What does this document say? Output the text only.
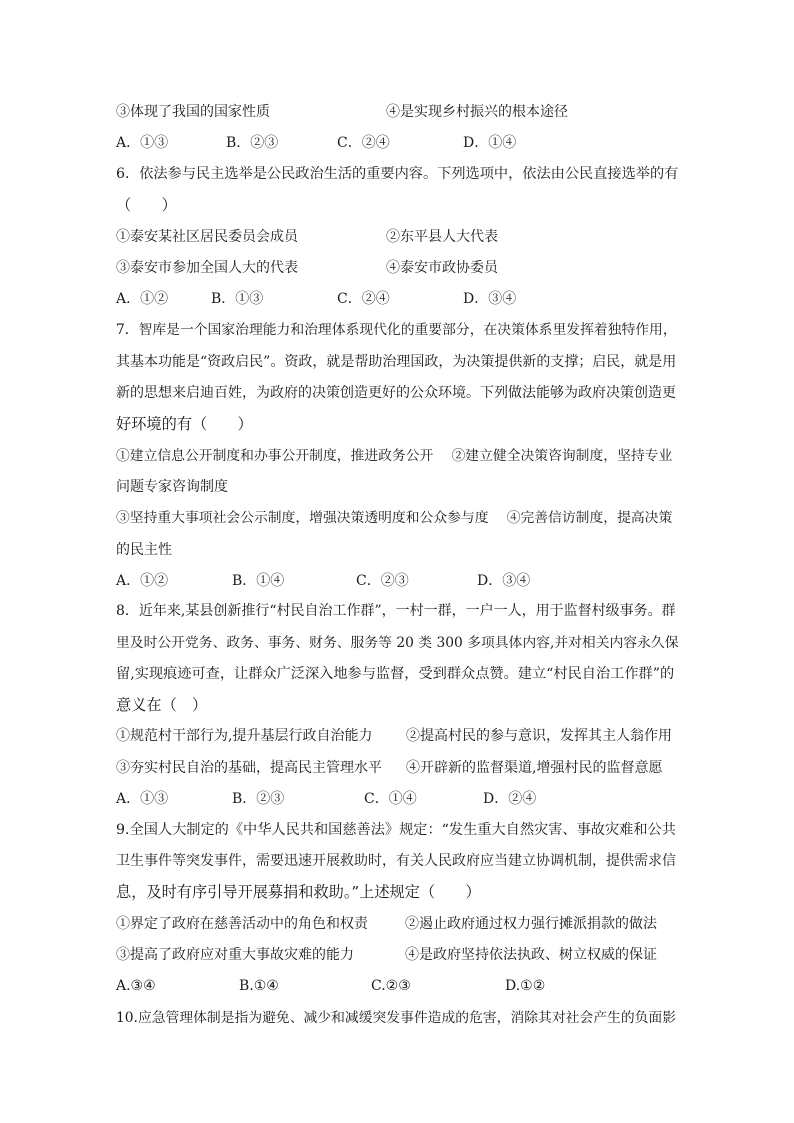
③体现了我国的国家性质	④是实现乡村振兴的根本途径
A．①③	B．②③	C．②④	D．①④
6．依法参与民主选举是公民政治生活的重要内容。下列选项中，依法由公民直接选举的有
（　　）
①泰安某社区居民委员会成员	②东平县人大代表
③泰安市参加全国人大的代表	④泰安市政协委员
A．①②	B．①③	C．②④	D．③④
7．智库是一个国家治理能力和治理体系现代化的重要部分，在决策体系里发挥着独特作用，
其基本功能是“资政启民”。资政，就是帮助治理国政，为决策提供新的支撑；启民，就是用
新的思想来启迪百姓，为政府的决策创造更好的公众环境。下列做法能够为政府决策创造更
好环境的有（　　）
①建立信息公开制度和办事公开制度，推进政务公开　 ②建立健全决策咨询制度，坚持专业
问题专家咨询制度
③坚持重大事项社会公示制度，增强决策透明度和公众参与度　 ④完善信访制度，提高决策
的民主性
A．①②	B．①④	C．②③	D．③④
8．近年来,某县创新推行“村民自治工作群”，一村一群，一户一人，用于监督村级事务。群
里及时公开党务、政务、事务、财务、服务等 20 类 300 多项具体内容,并对相关内容永久保
留,实现痕迹可查，让群众广泛深入地参与监督，受到群众点赞。建立“村民自治工作群”的
意义在（　）
①规范村干部行为,提升基层行政自治能力 ②提高村民的参与意识，发挥其主人翁作用
③夯实村民自治的基础，提高民主管理水平 ④开辟新的监督渠道,增强村民的监督意愿
A．①③	B．②③	C．①④	D．②④
9.全国人大制定的《中华人民共和国慈善法》规定：“发生重大自然灾害、事故灾难和公共
卫生事件等突发事件，需要迅速开展救助时，有关人民政府应当建立协调机制，提供需求信
息，及时有序引导开展募捐和救助。”上述规定（　　）
①界定了政府在慈善活动中的角色和权责	②遏止政府通过权力强行摊派捐款的做法
③提高了政府应对重大事故灾难的能力	④是政府坚持依法执政、树立权威的保证
A.③④	B.①④	C.②③	D.①②
10.应急管理体制是指为避免、减少和减缓突发事件造成的危害，消除其对社会产生的负面影
